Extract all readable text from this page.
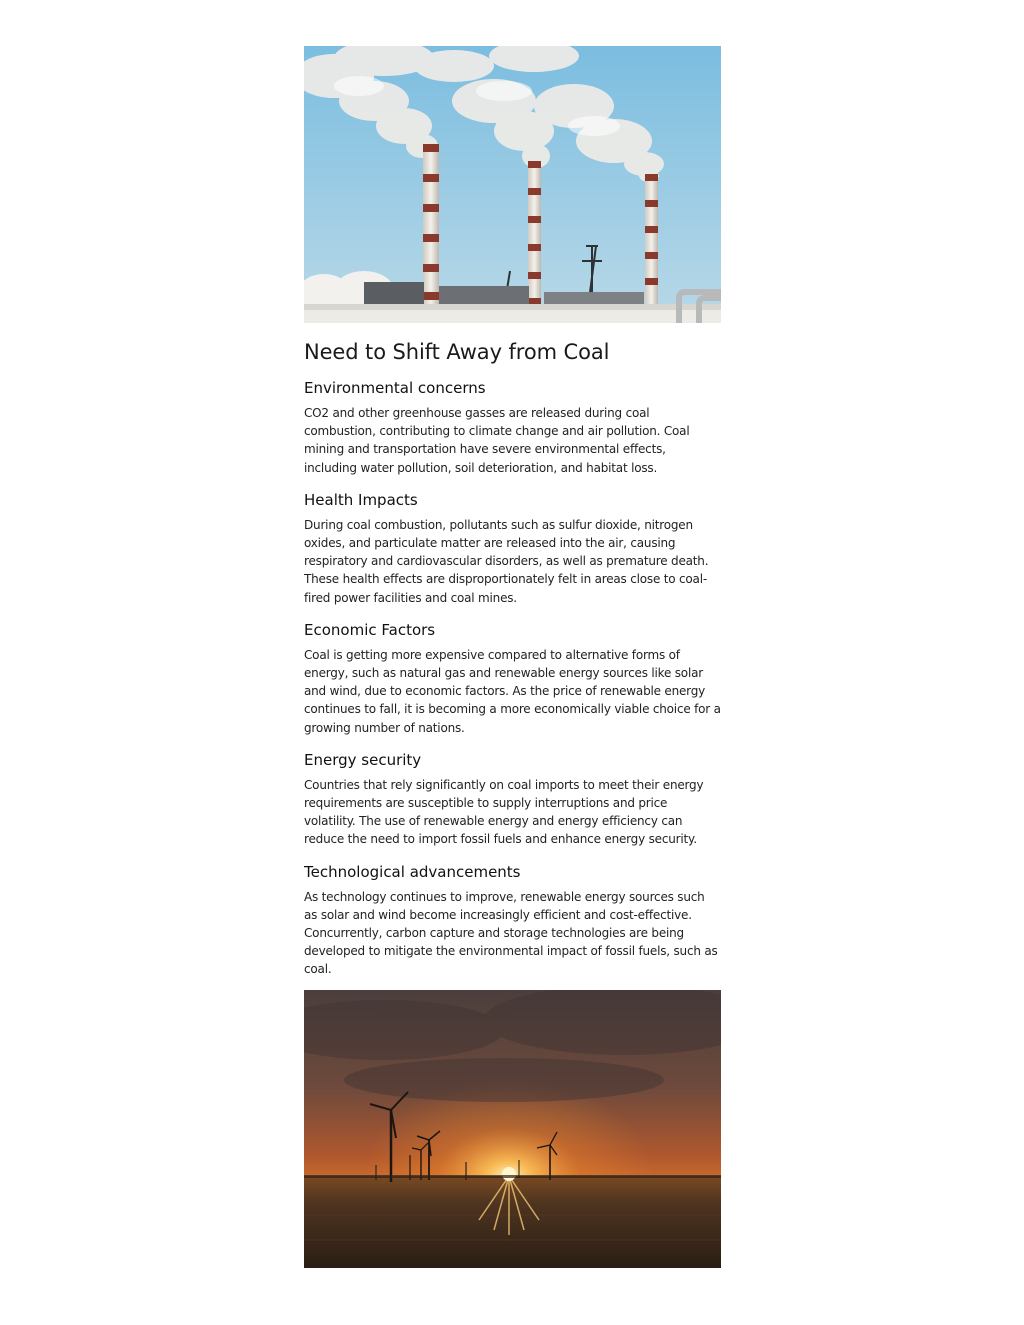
Need to Shift Away from Coal
Environmental concerns

CO2 and other greenhouse gasses are released during coal combustion, contributing to climate change and air pollution. Coal mining and transportation have severe environmental effects, including water pollution, soil deterioration, and habitat loss.

Health Impacts

During coal combustion, pollutants such as sulfur dioxide, nitrogen oxides, and particulate matter are released into the air, causing respiratory and cardiovascular disorders, as well as premature death. These health effects are disproportionately felt in areas close to coal-fired power facilities and coal mines.

Economic Factors

Coal is getting more expensive compared to alternative forms of energy, such as natural gas and renewable energy sources like solar and wind, due to economic factors. As the price of renewable energy continues to fall, it is becoming a more economically viable choice for a growing number of nations.

Energy security

Countries that rely significantly on coal imports to meet their energy requirements are susceptible to supply interruptions and price volatility. The use of renewable energy and energy efficiency can reduce the need to import fossil fuels and enhance energy security.

Technological advancements

As technology continues to improve, renewable energy sources such as solar and wind become increasingly efficient and cost-effective. Concurrently, carbon capture and storage technologies are being developed to mitigate the environmental impact of fossil fuels, such as coal.
